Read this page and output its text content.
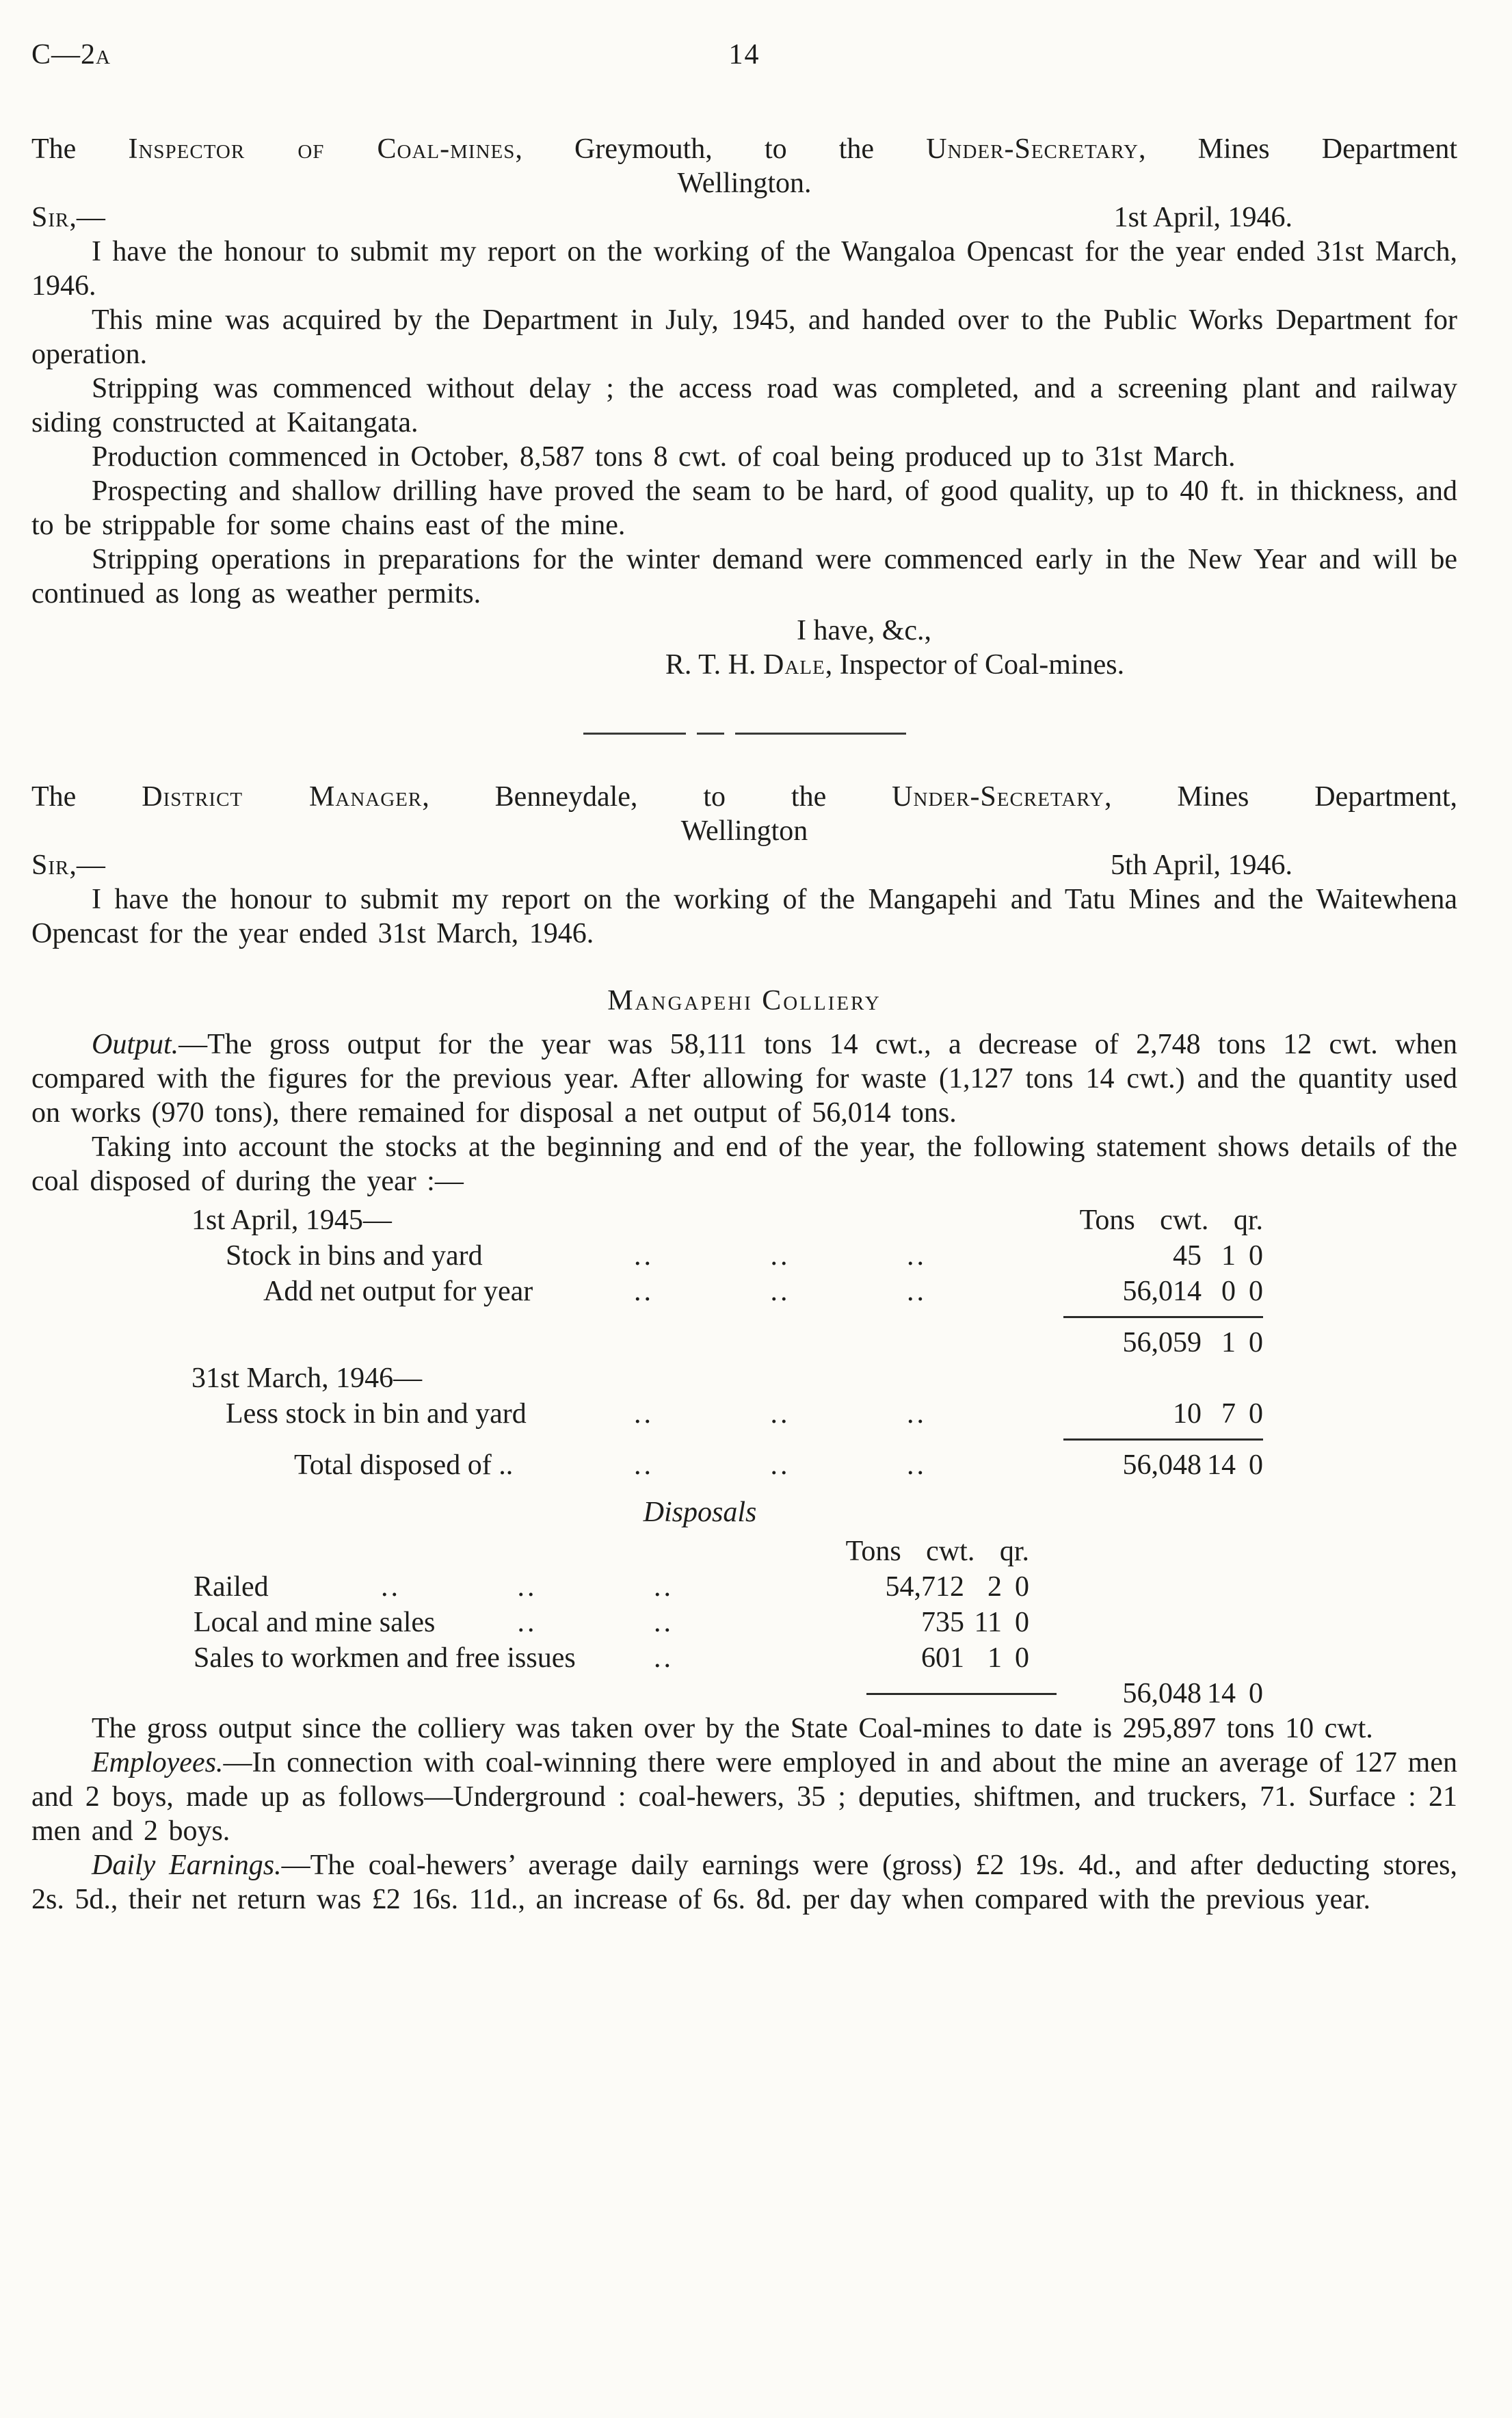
C—2a	14

The Inspector of Coal-mines, Greymouth, to the Under-Secretary, Mines Department

Wellington.

Sir,—	1st April, 1946.

I have the honour to submit my report on the working of the Wangaloa Opencast for the year ended 31st March, 1946.

This mine was acquired by the Department in July, 1945, and handed over to the Public Works Department for operation.

Stripping was commenced without delay ; the access road was completed, and a screening plant and railway siding constructed at Kaitangata.

Production commenced in October, 8,587 tons 8 cwt. of coal being produced up to 31st March.

Prospecting and shallow drilling have proved the seam to be hard, of good quality, up to 40 ft. in thickness, and to be strippable for some chains east of the mine.

Stripping operations in preparations for the winter demand were commenced early in the New Year and will be continued as long as weather permits.

I have, &c.,

R. T. H. Dale, Inspector of Coal-mines.

The District Manager, Benneydale, to the Under-Secretary, Mines Department,

Wellington

Sir,—	5th April, 1946.

I have the honour to submit my report on the working of the Mangapehi and Tatu Mines and the Waitewhena Opencast for the year ended 31st March, 1946.

Mangapehi Colliery

Output.—The gross output for the year was 58,111 tons 14 cwt., a decrease of 2,748 tons 12 cwt. when compared with the figures for the previous year. After allowing for waste (1,127 tons 14 cwt.) and the quantity used on works (970 tons), there remained for disposal a net output of 56,014 tons.

Taking into account the stocks at the beginning and end of the year, the following statement shows details of the coal disposed of during the year :—

1st April, 1945—	Tons cwt. qr.
Stock in bins and yard	.. .. ..	45 1 0
Add net output for year	.. .. ..	56,014 0 0
56,059 1 0
31st March, 1946—
Less stock in bin and yard	.. .. ..	10 7 0
Total disposed of ..	.. .. ..	56,048 14 0

Disposals

Tons cwt. qr.
Railed	.. .. ..	54,712 2 0
Local and mine sales	.. ..	735 11 0
Sales to workmen and free issues	..	601 1 0
56,048 14 0

The gross output since the colliery was taken over by the State Coal-mines to date is 295,897 tons 10 cwt.

Employees.—In connection with coal-winning there were employed in and about the mine an average of 127 men and 2 boys, made up as follows—Underground : coal-hewers, 35 ; deputies, shiftmen, and truckers, 71. Surface : 21 men and 2 boys.

Daily Earnings.—The coal-hewers’ average daily earnings were (gross) £2 19s. 4d., and after deducting stores, 2s. 5d., their net return was £2 16s. 11d., an increase of 6s. 8d. per day when compared with the previous year.
